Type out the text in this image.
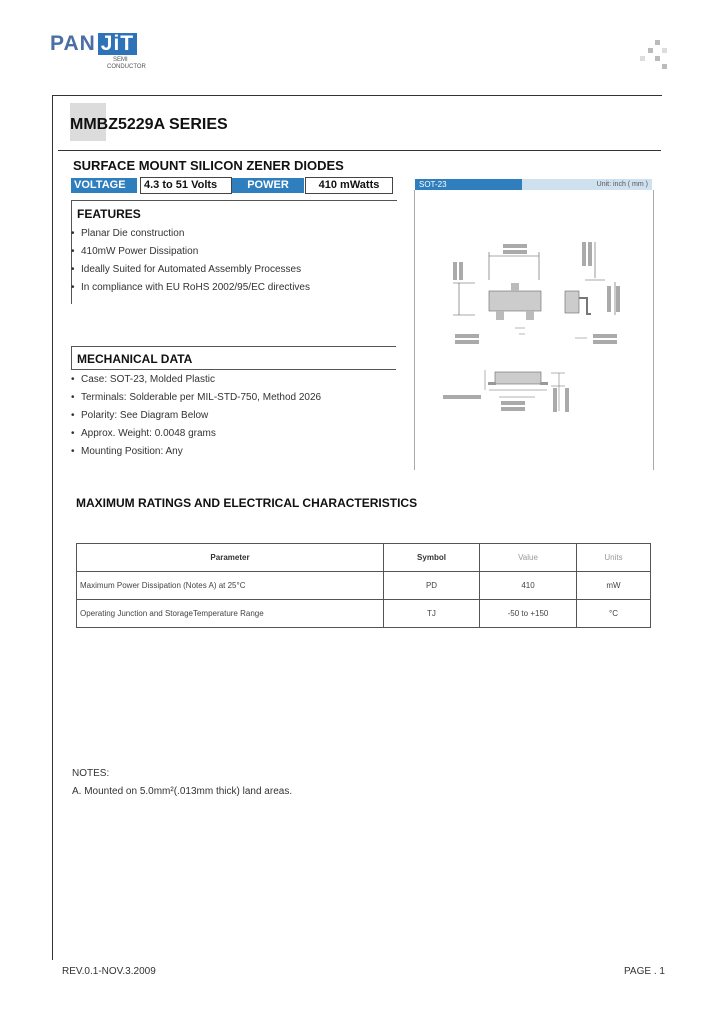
PAN JiT
SEMI
CONDUCTOR
MMBZ5229A SERIES
SURFACE MOUNT SILICON ZENER DIODES
VOLTAGE	4.3 to 51 Volts	POWER	410 mWatts
FEATURES
• Planar Die construction
• 410mW Power Dissipation
• Ideally Suited for Automated Assembly Processes
• In compliance with EU RoHS 2002/95/EC directives
MECHANICAL DATA
• Case: SOT-23, Molded Plastic
• Terminals: Solderable per MIL-STD-750, Method 2026
• Polarity: See Diagram Below
• Approx. Weight: 0.0048 grams
• Mounting Position: Any
SOT-23	Unit: inch ( mm )
MAXIMUM RATINGS AND ELECTRICAL CHARACTERISTICS
Parameter	Symbol	Value	Units
Maximum Power Dissipation (Notes A) at 25°C	PD	410	mW
Operating Junction and StorageTemperature Range	TJ	-50 to +150	°C
NOTES:
A. Mounted on 5.0mm²(.013mm thick) land areas.
REV.0.1-NOV.3.2009	PAGE . 1
